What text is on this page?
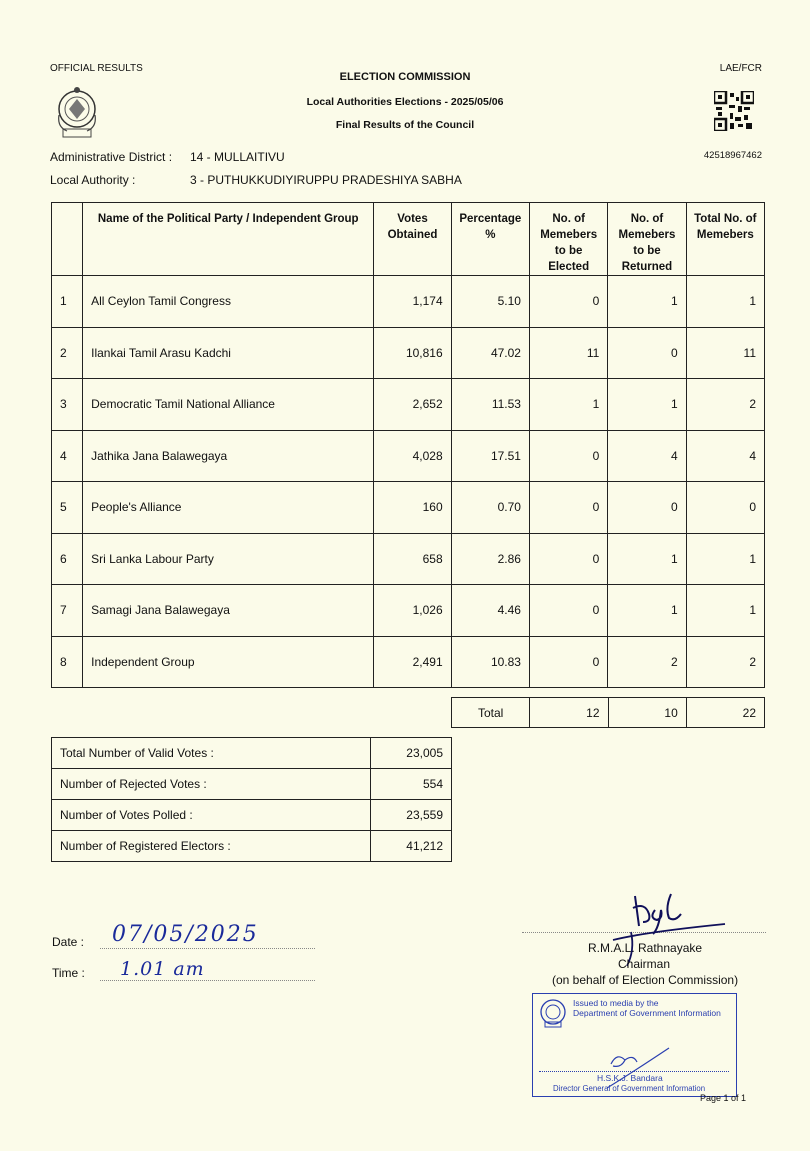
OFFICIAL RESULTS	LAE/FCR
ELECTION COMMISSION
Local Authorities Elections - 2025/05/06
Final Results of the Council
42518967462
Administrative District : 14 - MULLAITIVU
Local Authority :	3 - PUTHUKKUDIYIRUPPU PRADESHIYA SABHA
	Name of the Political Party / Independent Group	Votes Obtained	Percentage %	No. of Memebers to be Elected	No. of Memebers to be Returned	Total No. of Memebers
1	All Ceylon Tamil Congress	1,174	5.10	0	1	1
2	Ilankai Tamil Arasu Kadchi	10,816	47.02	11	0	11
3	Democratic Tamil National Alliance	2,652	11.53	1	1	2
4	Jathika Jana Balawegaya	4,028	17.51	0	4	4
5	People's Alliance	160	0.70	0	0	0
6	Sri Lanka Labour Party	658	2.86	0	1	1
7	Samagi Jana Balawegaya	1,026	4.46	0	1	1
8	Independent Group	2,491	10.83	0	2	2
Total	12	10	22
Total Number of Valid Votes :	23,005
Number of Rejected Votes :	554
Number of Votes Polled :	23,559
Number of Registered Electors :	41,212
Date : 07/05/2025
Time : 1.01 am
R.M.A.L. Rathnayake
Chairman
(on behalf of Election Commission)
Issued to media by the
Department of Government Information
H.S.K.J. Bandara
Director General of Government Information
Page 1 of 1
